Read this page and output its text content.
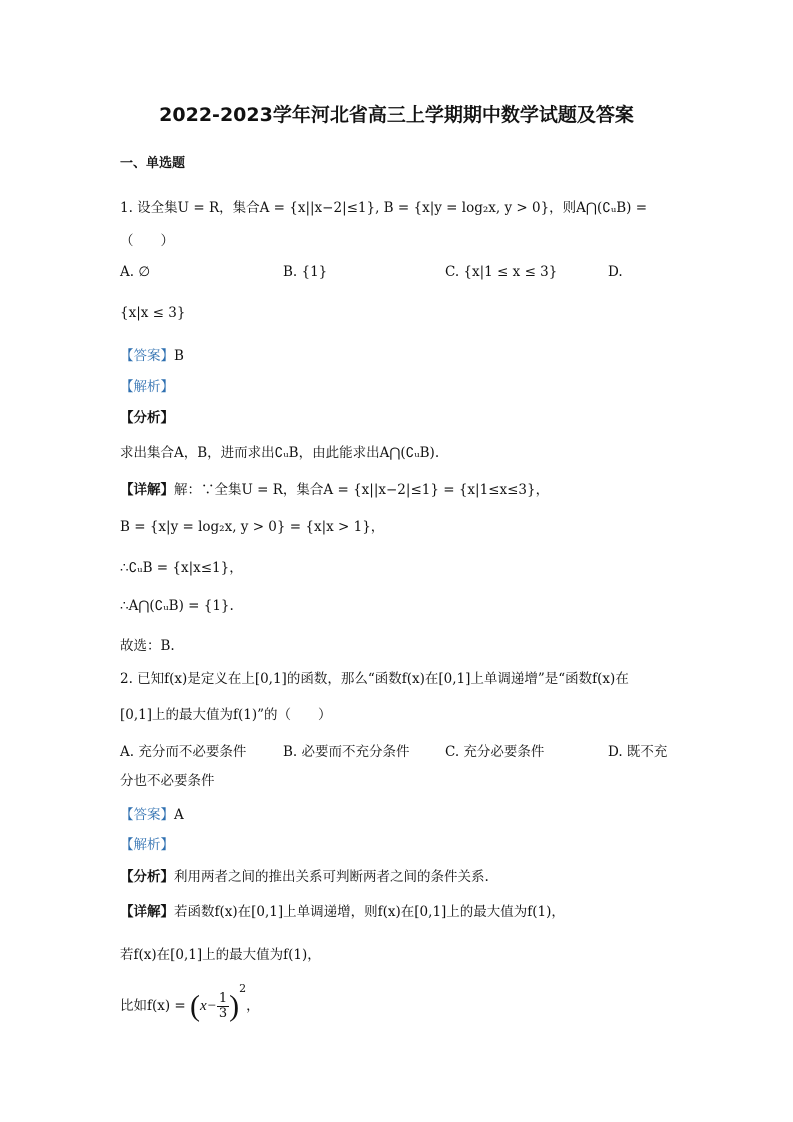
2022-2023学年河北省高三上学期期中数学试题及答案
一、单选题
1. 设全集U = R，集合A = {x||x−2|≤1}, B = {x|y = log₂x, y > 0}，则A⋂(∁ᵤB) =
（　　）
A. ∅	B. {1}	C. {x|1 ≤ x ≤ 3}	D.
{x|x ≤ 3}
【答案】B
【解析】
【分析】
求出集合A，B，进而求出∁ᵤB，由此能求出A⋂(∁ᵤB).
【详解】解：∵全集U = R，集合A = {x||x−2|≤1} = {x|1≤x≤3}，
B = {x|y = log₂x, y > 0} = {x|x > 1}，
∴∁ᵤB = {x|x≤1}，
∴A⋂(∁ᵤB) = {1}.
故选：B.
2. 已知f(x)是定义在上[0,1]的函数，那么“函数f(x)在[0,1]上单调递增”是“函数f(x)在
[0,1]上的最大值为f(1)”的（　　）
A. 充分而不必要条件	B. 必要而不充分条件	C. 充分必要条件	D. 既不充
分也不必要条件
【答案】A
【解析】
【分析】利用两者之间的推出关系可判断两者之间的条件关系.
【详解】若函数f(x)在[0,1]上单调递增，则f(x)在[0,1]上的最大值为f(1)，
若f(x)在[0,1]上的最大值为f(1)，
比如$f(x) = (x- \frac{1}{3} )^2$，
